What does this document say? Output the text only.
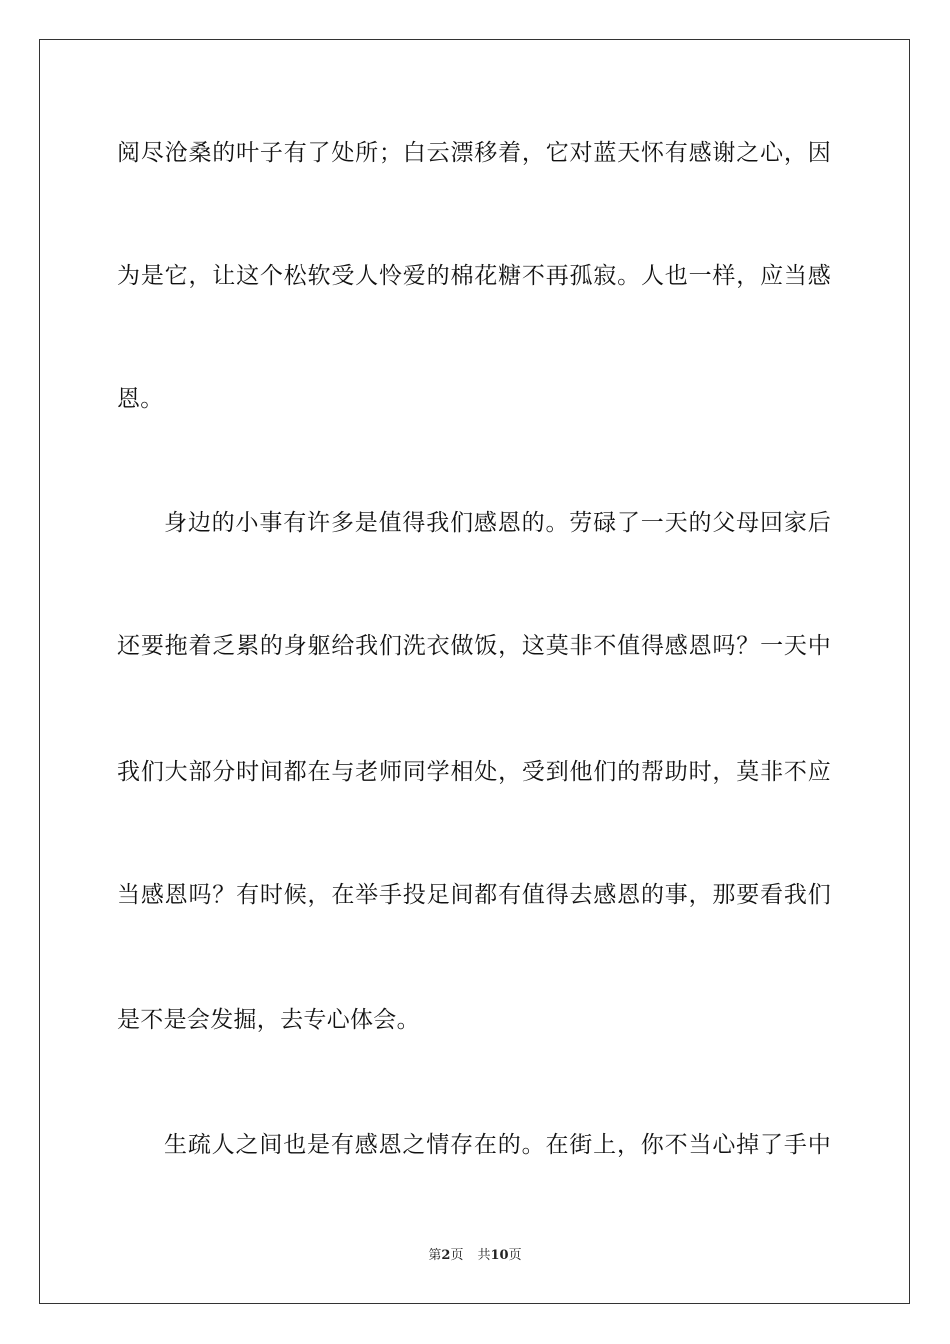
阅尽沧桑的叶子有了处所；白云漂移着，它对蓝天怀有感谢之心，因
为是它，让这个松软受人怜爱的棉花糖不再孤寂。人也一样，应当感
恩。
身边的小事有许多是值得我们感恩的。劳碌了一天的父母回家后
还要拖着乏累的身躯给我们洗衣做饭，这莫非不值得感恩吗？一天中
我们大部分时间都在与老师同学相处，受到他们的帮助时，莫非不应
当感恩吗？有时候，在举手投足间都有值得去感恩的事，那要看我们
是不是会发掘，去专心体会。
生疏人之间也是有感恩之情存在的。在街上，你不当心掉了手中
第2页 共10页
